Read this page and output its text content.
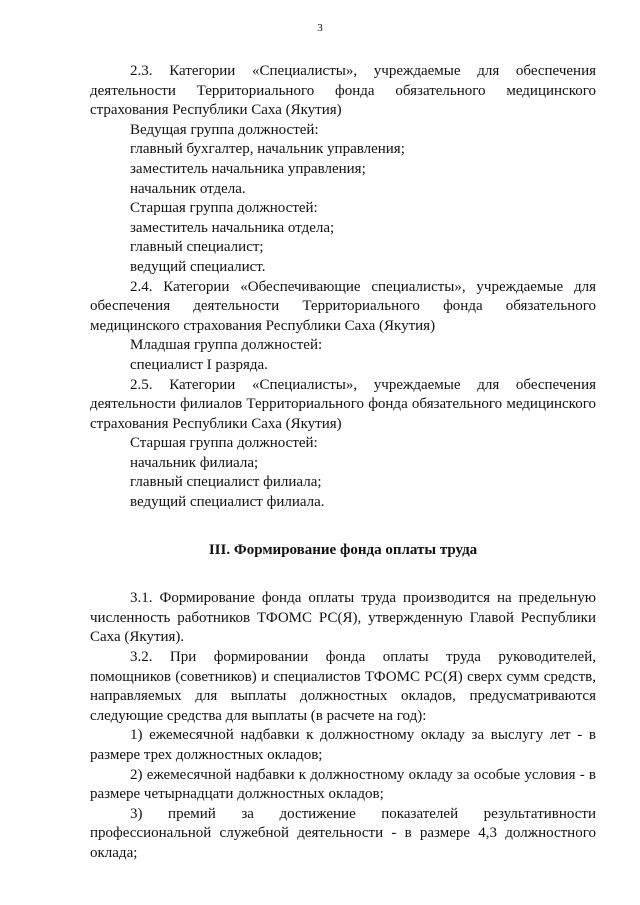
3

2.3. Категории «Специалисты», учреждаемые для обеспечения деятельности Территориального фонда обязательного медицинского страхования Республики Саха (Якутия)

Ведущая группа должностей:

главный бухгалтер, начальник управления;

заместитель начальника управления;

начальник отдела.

Старшая группа должностей:

заместитель начальника отдела;

главный специалист;

ведущий специалист.

2.4. Категории «Обеспечивающие специалисты», учреждаемые для обеспечения деятельности Территориального фонда обязательного медицинского страхования Республики Саха (Якутия)

Младшая группа должностей:

специалист I разряда.

2.5. Категории «Специалисты», учреждаемые для обеспечения деятельности филиалов Территориального фонда обязательного медицинского страхования Республики Саха (Якутия)

Старшая группа должностей:

начальник филиала;

главный специалист филиала;

ведущий специалист филиала.

III. Формирование фонда оплаты труда

3.1. Формирование фонда оплаты труда производится на предельную численность работников ТФОМС РС(Я), утвержденную Главой Республики Саха (Якутия).

3.2. При формировании фонда оплаты труда руководителей, помощников (советников) и специалистов ТФОМС РС(Я) сверх сумм средств, направляемых для выплаты должностных окладов, предусматриваются следующие средства для выплаты (в расчете на год):

1) ежемесячной надбавки к должностному окладу за выслугу лет - в размере трех должностных окладов;

2) ежемесячной надбавки к должностному окладу за особые условия - в размере четырнадцати должностных окладов;

3) премий за достижение показателей результативности профессиональной служебной деятельности - в размере 4,3 должностного оклада;
